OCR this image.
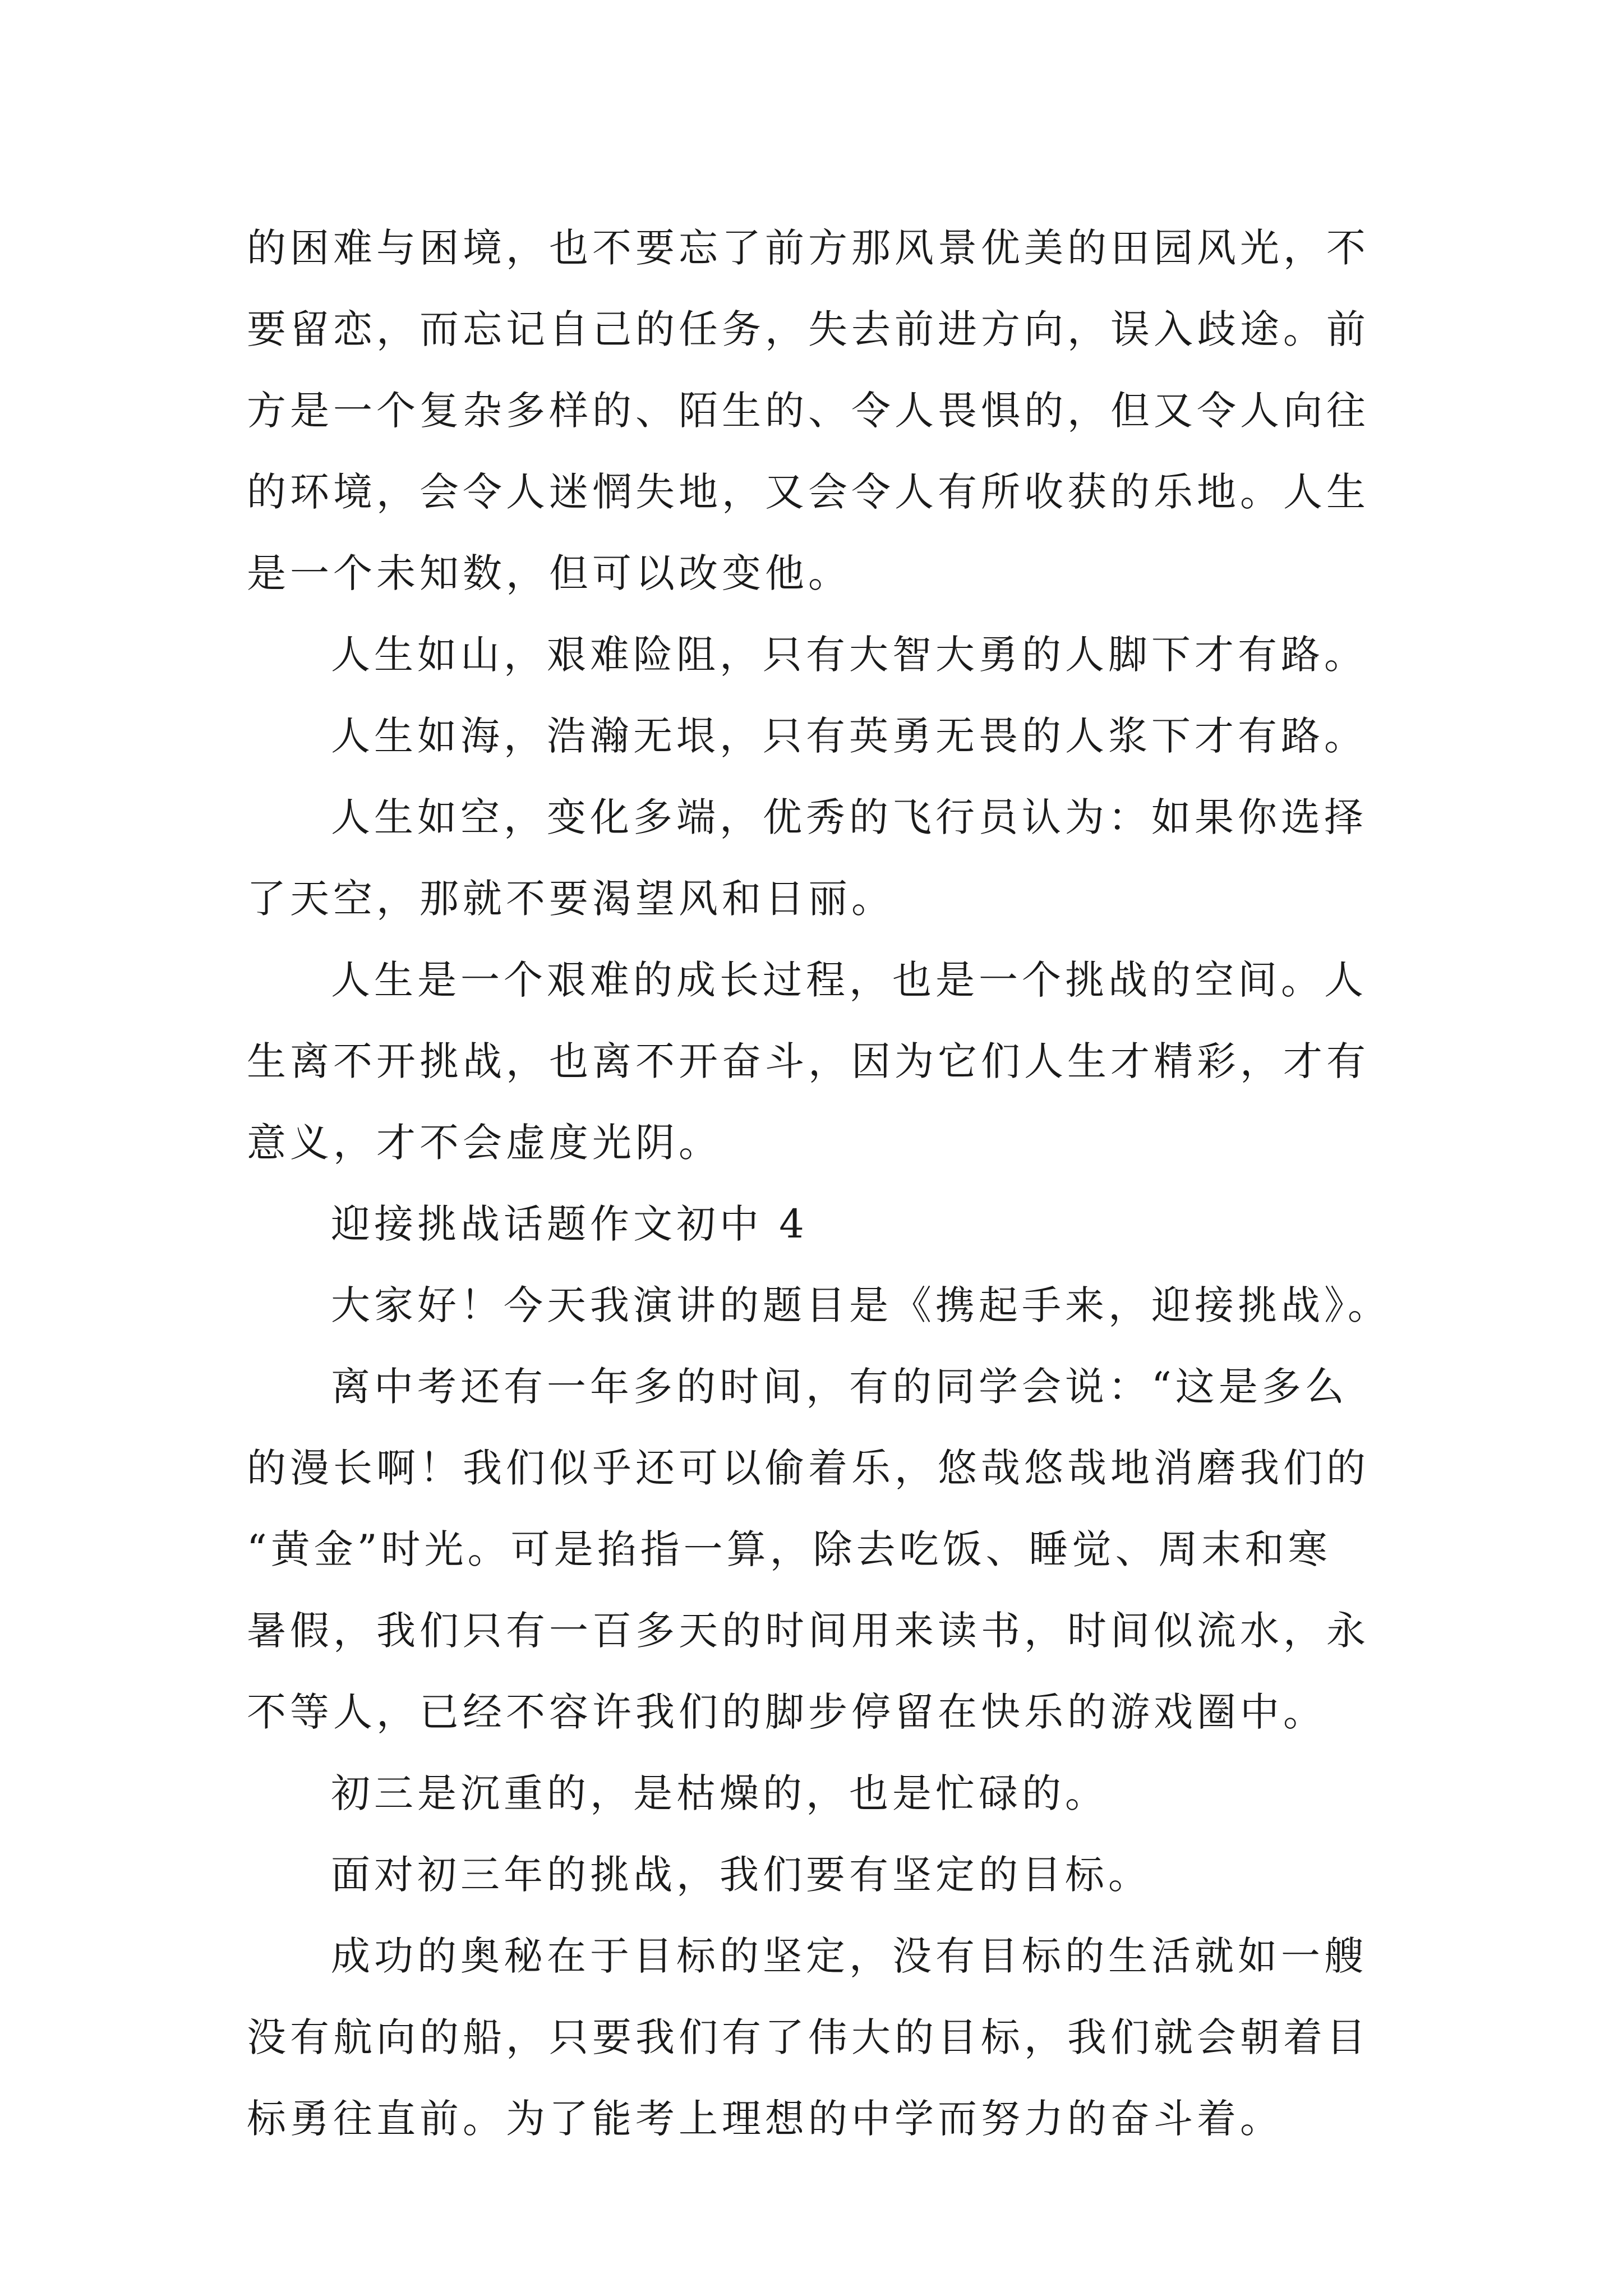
的困难与困境，也不要忘了前方那风景优美的田园风光，不
要留恋，而忘记自己的任务，失去前进方向，误入歧途。前
方是一个复杂多样的、陌生的、令人畏惧的，但又令人向往
的环境，会令人迷惘失地，又会令人有所收获的乐地。人生
是一个未知数，但可以改变他。

人生如山，艰难险阻，只有大智大勇的人脚下才有路。

人生如海，浩瀚无垠，只有英勇无畏的人浆下才有路。

人生如空，变化多端，优秀的飞行员认为：如果你选择
了天空，那就不要渴望风和日丽。

人生是一个艰难的成长过程，也是一个挑战的空间。人
生离不开挑战，也离不开奋斗，因为它们人生才精彩，才有
意义，才不会虚度光阴。

迎接挑战话题作文初中 4

大家好！今天我演讲的题目是《携起手来，迎接挑战》。

离中考还有一年多的时间，有的同学会说：“这是多么
的漫长啊！我们似乎还可以偷着乐，悠哉悠哉地消磨我们的
“黄金”时光。可是掐指一算，除去吃饭、睡觉、周末和寒
暑假，我们只有一百多天的时间用来读书，时间似流水，永
不等人，已经不容许我们的脚步停留在快乐的游戏圈中。

初三是沉重的，是枯燥的，也是忙碌的。

面对初三年的挑战，我们要有坚定的目标。

成功的奥秘在于目标的坚定，没有目标的生活就如一艘
没有航向的船，只要我们有了伟大的目标，我们就会朝着目
标勇往直前。为了能考上理想的中学而努力的奋斗着。
